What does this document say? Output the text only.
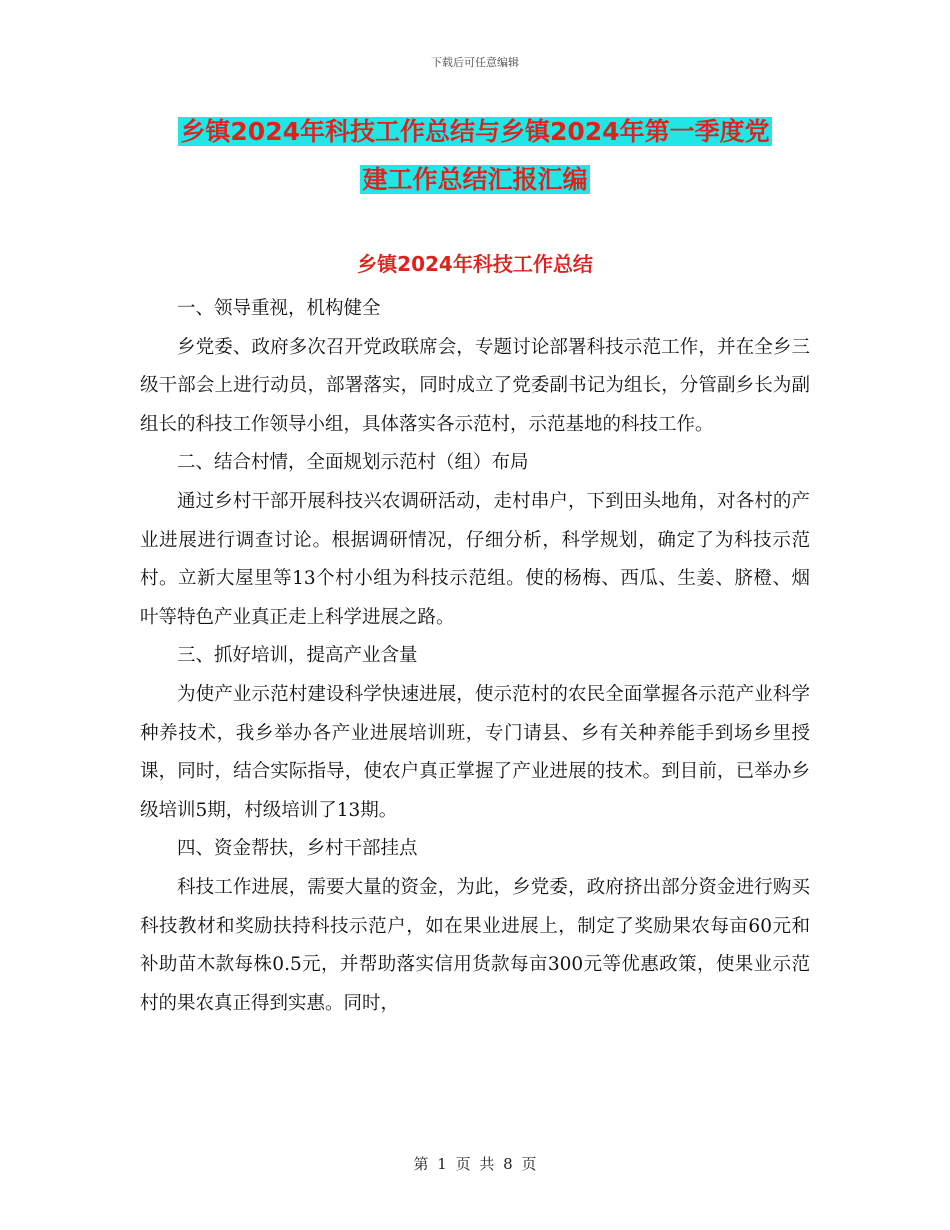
下载后可任意编辑
乡镇2024年科技工作总结与乡镇2024年第一季度党
建工作总结汇报汇编
乡镇2024年科技工作总结

一、领导重视，机构健全

乡党委、政府多次召开党政联席会，专题讨论部署科技示范工作，并在全乡三级干部会上进行动员，部署落实，同时成立了党委副书记为组长，分管副乡长为副组长的科技工作领导小组，具体落实各示范村，示范基地的科技工作。

二、结合村情，全面规划示范村（组）布局

通过乡村干部开展科技兴农调研活动，走村串户，下到田头地角，对各村的产业进展进行调查讨论。根据调研情况，仔细分析，科学规划，确定了为科技示范村。立新大屋里等13个村小组为科技示范组。使的杨梅、西瓜、生姜、脐橙、烟叶等特色产业真正走上科学进展之路。

三、抓好培训，提高产业含量

为使产业示范村建设科学快速进展，使示范村的农民全面掌握各示范产业科学种养技术，我乡举办各产业进展培训班，专门请县、乡有关种养能手到场乡里授课，同时，结合实际指导，使农户真正掌握了产业进展的技术。到目前，已举办乡级培训5期，村级培训了13期。

四、资金帮扶，乡村干部挂点

科技工作进展，需要大量的资金，为此，乡党委，政府挤出部分资金进行购买科技教材和奖励扶持科技示范户，如在果业进展上，制定了奖励果农每亩60元和补助苗木款每株0.5元，并帮助落实信用货款每亩300元等优惠政策，使果业示范村的果农真正得到实惠。同时，

第 1 页 共 8 页
